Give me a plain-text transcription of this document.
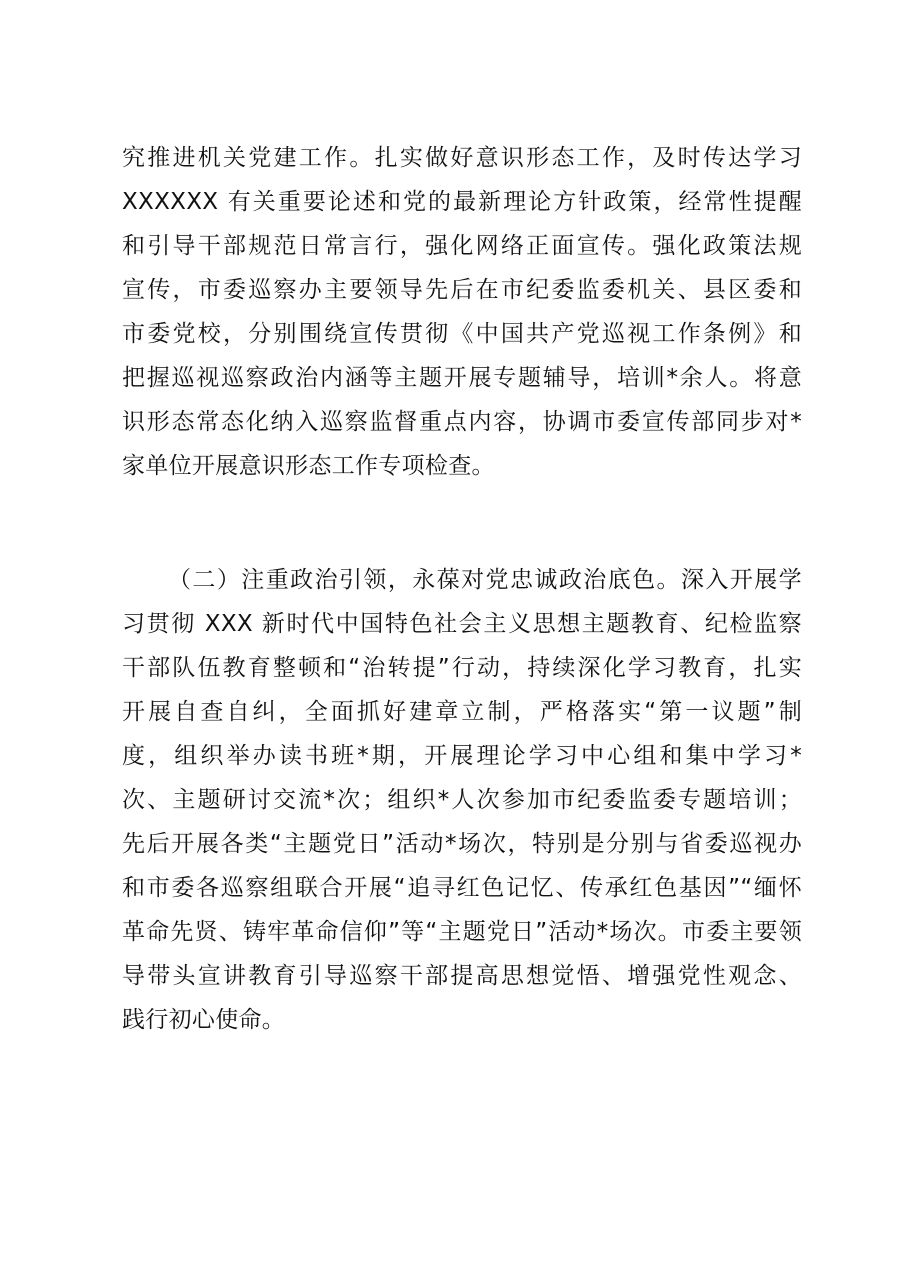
究推进机关党建工作。扎实做好意识形态工作，及时传达学习
XXXXXX 有关重要论述和党的最新理论方针政策，经常性提醒
和引导干部规范日常言行，强化网络正面宣传。强化政策法规
宣传，市委巡察办主要领导先后在市纪委监委机关、县区委和
市委党校，分别围绕宣传贯彻《中国共产党巡视工作条例》和
把握巡视巡察政治内涵等主题开展专题辅导，培训*余人。将意
识形态常态化纳入巡察监督重点内容，协调市委宣传部同步对*
家单位开展意识形态工作专项检查。
（二）注重政治引领，永葆对党忠诚政治底色。深入开展学
习贯彻 XXX 新时代中国特色社会主义思想主题教育、纪检监察
干部队伍教育整顿和“治转提”行动，持续深化学习教育，扎实
开展自查自纠，全面抓好建章立制，严格落实“第一议题”制
度，组织举办读书班*期，开展理论学习中心组和集中学习*
次、主题研讨交流*次；组织*人次参加市纪委监委专题培训；
先后开展各类“主题党日”活动*场次，特别是分别与省委巡视办
和市委各巡察组联合开展“追寻红色记忆、传承红色基因”“缅怀
革命先贤、铸牢革命信仰”等“主题党日”活动*场次。市委主要领
导带头宣讲教育引导巡察干部提高思想觉悟、增强党性观念、
践行初心使命。
